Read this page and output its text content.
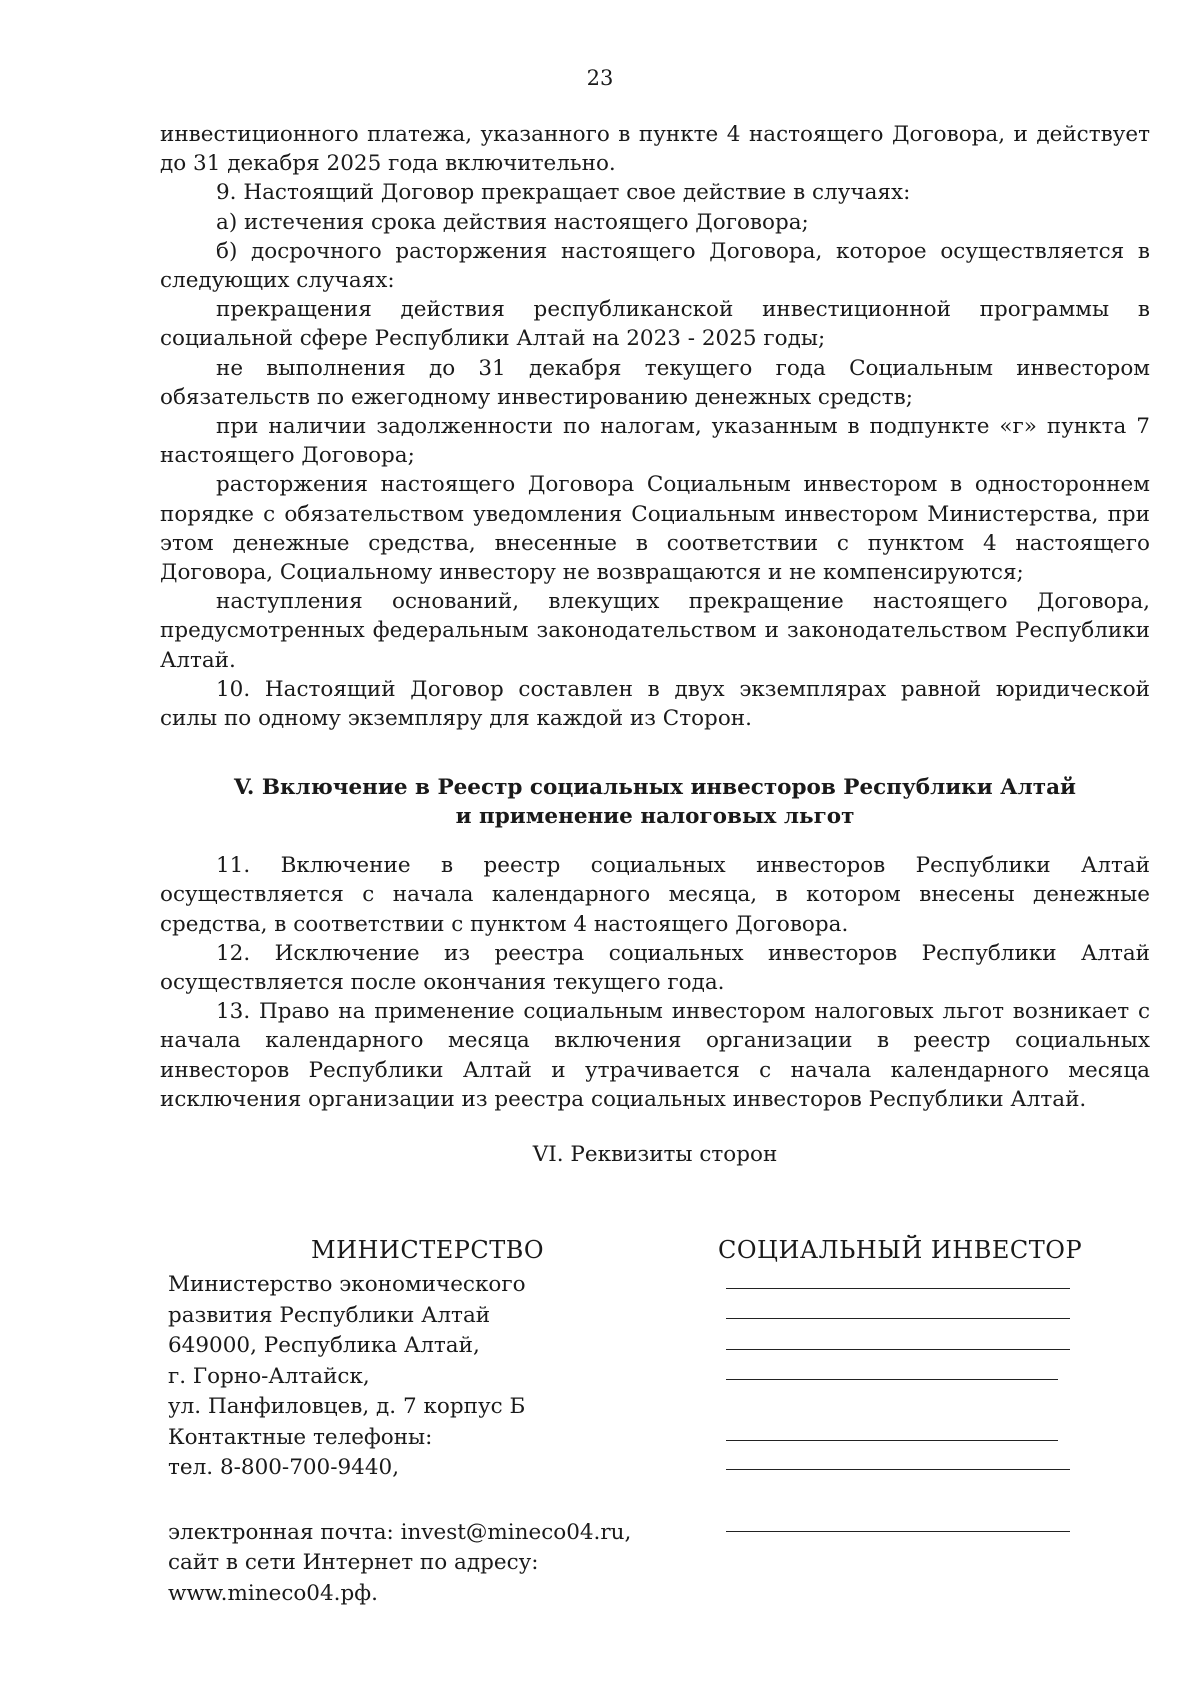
23

инвестиционного платежа, указанного в пункте 4 настоящего Договора, и действует до 31 декабря 2025 года включительно.

9. Настоящий Договор прекращает свое действие в случаях:

а) истечения срока действия настоящего Договора;

б) досрочного расторжения настоящего Договора, которое осуществляется в следующих случаях:

прекращения действия республиканской инвестиционной программы в социальной сфере Республики Алтай на 2023 - 2025 годы;

не выполнения до 31 декабря текущего года Социальным инвестором обязательств по ежегодному инвестированию денежных средств;

при наличии задолженности по налогам, указанным в подпункте «г» пункта 7 настоящего Договора;

расторжения настоящего Договора Социальным инвестором в одностороннем порядке с обязательством уведомления Социальным инвестором Министерства, при этом денежные средства, внесенные в соответствии с пунктом 4 настоящего Договора, Социальному инвестору не возвращаются и не компенсируются;

наступления оснований, влекущих прекращение настоящего Договора, предусмотренных федеральным законодательством и законодательством Республики Алтай.

10. Настоящий Договор составлен в двух экземплярах равной юридической силы по одному экземпляру для каждой из Сторон.

V. Включение в Реестр социальных инвесторов Республики Алтай
и применение налоговых льгот

11. Включение в реестр социальных инвесторов Республики Алтай осуществляется с начала календарного месяца, в котором внесены денежные средства, в соответствии с пунктом 4 настоящего Договора.

12. Исключение из реестра социальных инвесторов Республики Алтай осуществляется после окончания текущего года.

13. Право на применение социальным инвестором налоговых льгот возникает с начала календарного месяца включения организации в реестр социальных инвесторов Республики Алтай и утрачивается с начала календарного месяца исключения организации из реестра социальных инвесторов Республики Алтай.

VI. Реквизиты сторон

МИНИСТЕРСТВО
Министерство экономического
развития Республики Алтай
649000, Республика Алтай,
г. Горно-Алтайск,
ул. Панфиловцев, д. 7 корпус Б
Контактные телефоны:
тел. 8-800-700-9440,
электронная почта: invest@mineco04.ru,
сайт в сети Интернет по адресу:
www.mineco04.рф.
СОЦИАЛЬНЫЙ ИНВЕСТОР
